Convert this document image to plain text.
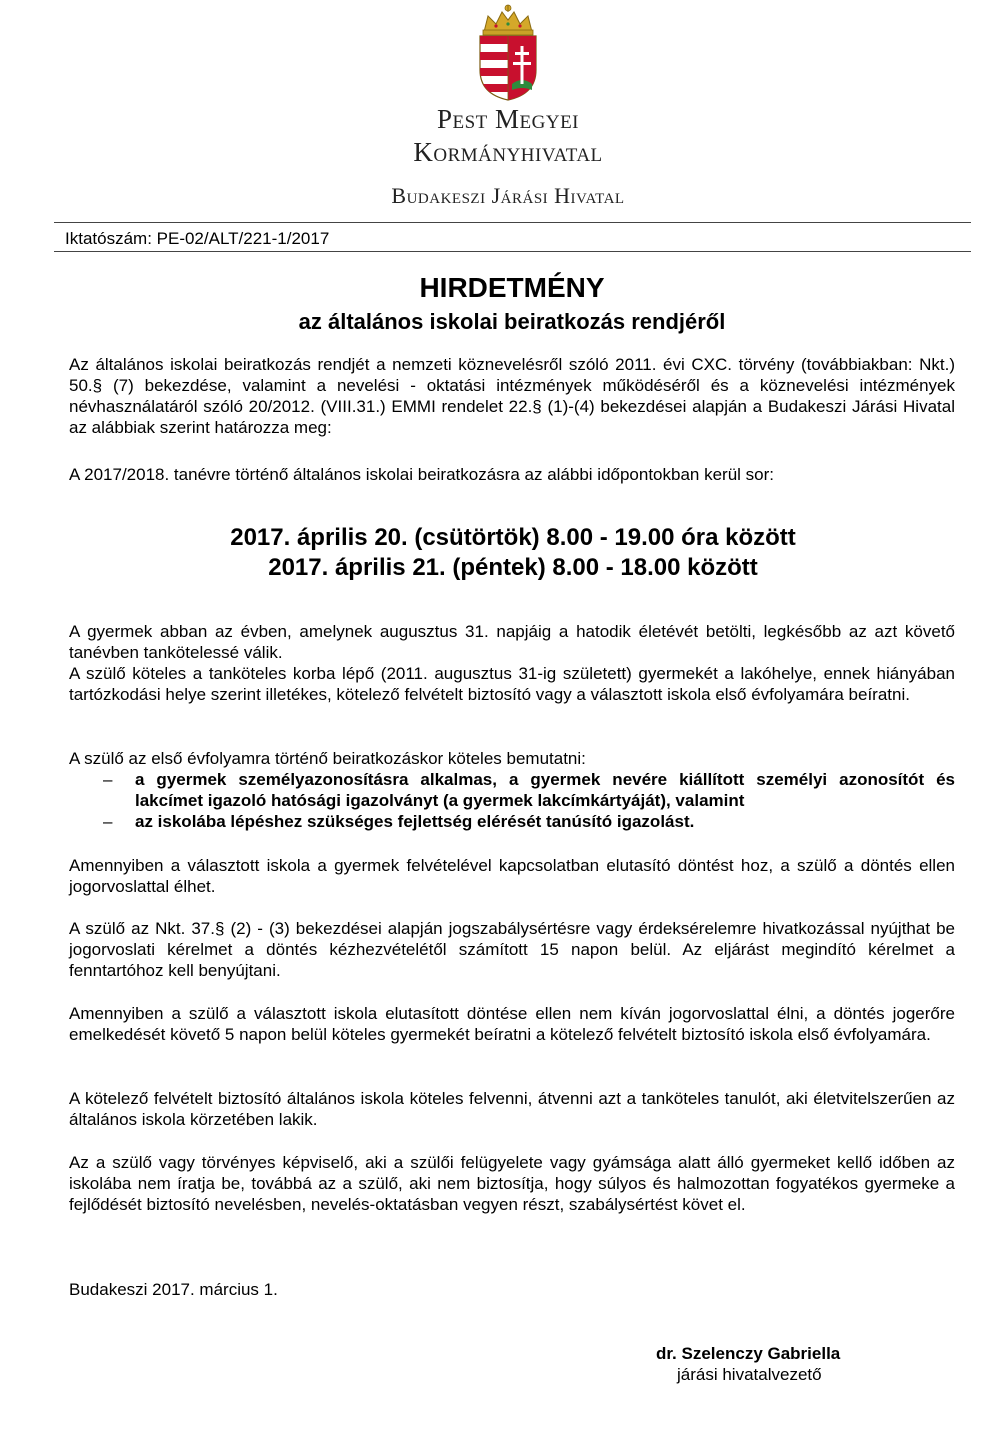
Pest Megyei
Kormányhivatal
Budakeszi Járási Hivatal
Iktatószám: PE-02/ALT/221-1/2017
HIRDETMÉNY
az általános iskolai beiratkozás rendjéről
Az általános iskolai beiratkozás rendjét a nemzeti köznevelésről szóló 2011. évi CXC. törvény (továbbiakban: Nkt.) 50.§ (7) bekezdése, valamint a nevelési - oktatási intézmények működéséről és a köznevelési intézmények névhasználatáról szóló 20/2012. (VIII.31.) EMMI rendelet 22.§ (1)-(4) bekezdései alapján a Budakeszi Járási Hivatal az alábbiak szerint határozza meg:
A 2017/2018. tanévre történő általános iskolai beiratkozásra az alábbi időpontokban kerül sor:
2017. április 20. (csütörtök) 8.00 - 19.00 óra között
2017. április 21. (péntek) 8.00 - 18.00 között
A gyermek abban az évben, amelynek augusztus 31. napjáig a hatodik életévét betölti, legkésőbb az azt követő tanévben tankötelessé válik.
A szülő köteles a tanköteles korba lépő (2011. augusztus 31-ig született) gyermekét a lakóhelye, ennek hiányában tartózkodási helye szerint illetékes, kötelező felvételt biztosító vagy a választott iskola első évfolyamára beíratni.
A szülő az első évfolyamra történő beiratkozáskor köteles bemutatni:
– a gyermek személyazonosításra alkalmas, a gyermek nevére kiállított személyi azonosítót és lakcímet igazoló hatósági igazolványt (a gyermek lakcímkártyáját), valamint
– az iskolába lépéshez szükséges fejlettség elérését tanúsító igazolást.
Amennyiben a választott iskola a gyermek felvételével kapcsolatban elutasító döntést hoz, a szülő a döntés ellen jogorvoslattal élhet.
A szülő az Nkt. 37.§ (2) - (3) bekezdései alapján jogszabálysértésre vagy érdeksérelemre hivatkozással nyújthat be jogorvoslati kérelmet a döntés kézhezvételétől számított 15 napon belül. Az eljárást megindító kérelmet a fenntartóhoz kell benyújtani.
Amennyiben a szülő a választott iskola elutasított döntése ellen nem kíván jogorvoslattal élni, a döntés jogerőre emelkedését követő 5 napon belül köteles gyermekét beíratni a kötelező felvételt biztosító iskola első évfolyamára.
A kötelező felvételt biztosító általános iskola köteles felvenni, átvenni azt a tanköteles tanulót, aki életvitelszerűen az általános iskola körzetében lakik.
Az a szülő vagy törvényes képviselő, aki a szülői felügyelete vagy gyámsága alatt álló gyermeket kellő időben az iskolába nem íratja be, továbbá az a szülő, aki nem biztosítja, hogy súlyos és halmozottan fogyatékos gyermeke a fejlődését biztosító nevelésben, nevelés-oktatásban vegyen részt, szabálysértést követ el.
Budakeszi 2017. március 1.
dr. Szelenczy Gabriella
járási hivatalvezető
